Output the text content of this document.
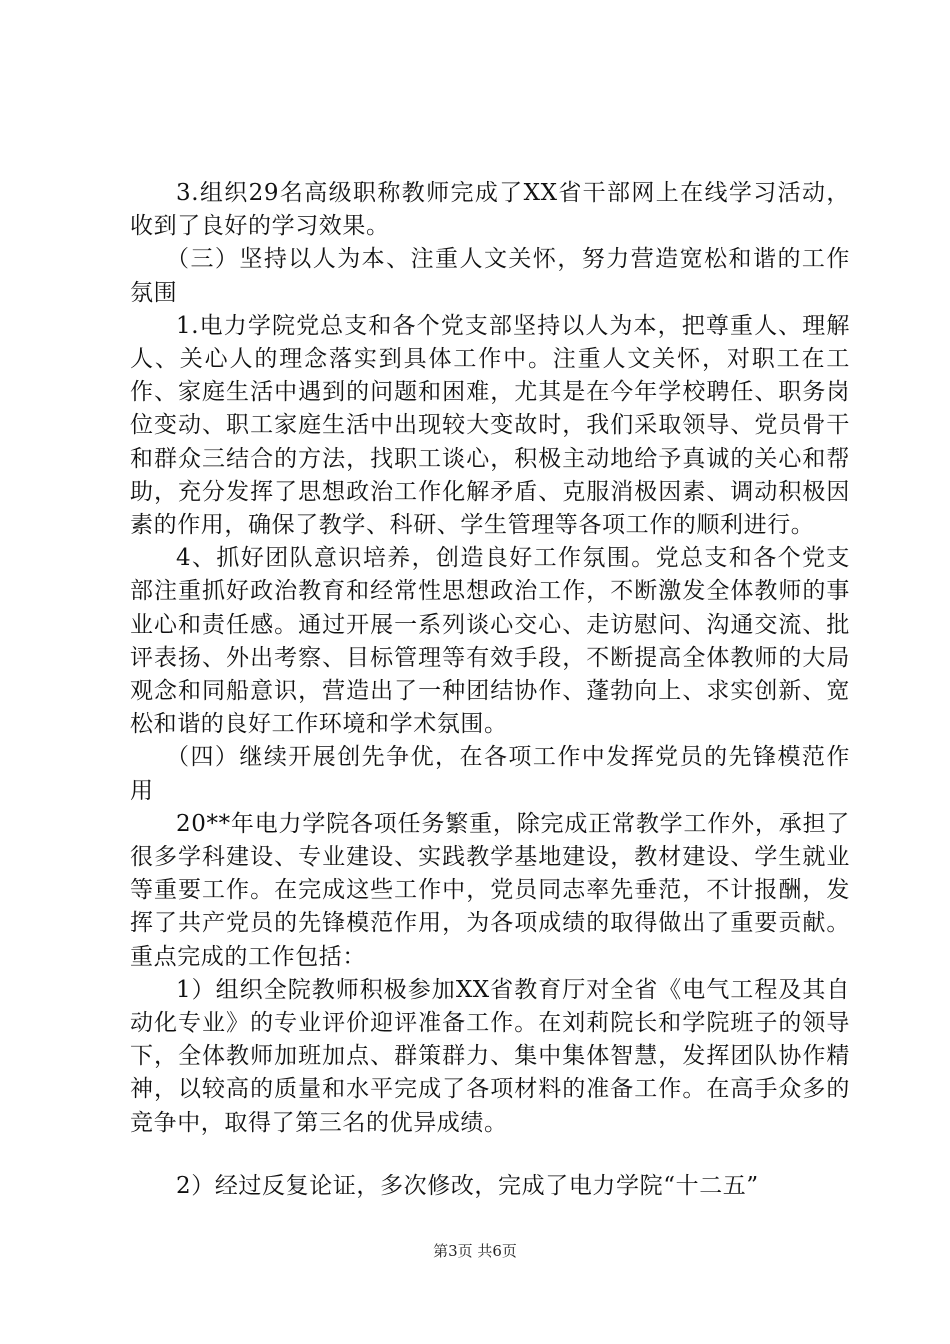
3.组织29名高级职称教师完成了XX省干部网上在线学习活动，收到了良好的学习效果。

（三）坚持以人为本、注重人文关怀，努力营造宽松和谐的工作氛围

1.电力学院党总支和各个党支部坚持以人为本，把尊重人、理解人、关心人的理念落实到具体工作中。注重人文关怀，对职工在工作、家庭生活中遇到的问题和困难，尤其是在今年学校聘任、职务岗位变动、职工家庭生活中出现较大变故时，我们采取领导、党员骨干和群众三结合的方法，找职工谈心，积极主动地给予真诚的关心和帮助，充分发挥了思想政治工作化解矛盾、克服消极因素、调动积极因素的作用，确保了教学、科研、学生管理等各项工作的顺利进行。

4、抓好团队意识培养，创造良好工作氛围。党总支和各个党支部注重抓好政治教育和经常性思想政治工作，不断激发全体教师的事业心和责任感。通过开展一系列谈心交心、走访慰问、沟通交流、批评表扬、外出考察、目标管理等有效手段，不断提高全体教师的大局观念和同船意识，营造出了一种团结协作、蓬勃向上、求实创新、宽松和谐的良好工作环境和学术氛围。

（四）继续开展创先争优，在各项工作中发挥党员的先锋模范作用

20**年电力学院各项任务繁重，除完成正常教学工作外，承担了很多学科建设、专业建设、实践教学基地建设，教材建设、学生就业等重要工作。在完成这些工作中，党员同志率先垂范，不计报酬，发挥了共产党员的先锋模范作用，为各项成绩的取得做出了重要贡献。重点完成的工作包括：

1）组织全院教师积极参加XX省教育厅对全省《电气工程及其自动化专业》的专业评价迎评准备工作。在刘莉院长和学院班子的领导下，全体教师加班加点、群策群力、集中集体智慧，发挥团队协作精神，以较高的质量和水平完成了各项材料的准备工作。在高手众多的竞争中，取得了第三名的优异成绩。

2）经过反复论证，多次修改，完成了电力学院“十二五”

第3页 共6页
